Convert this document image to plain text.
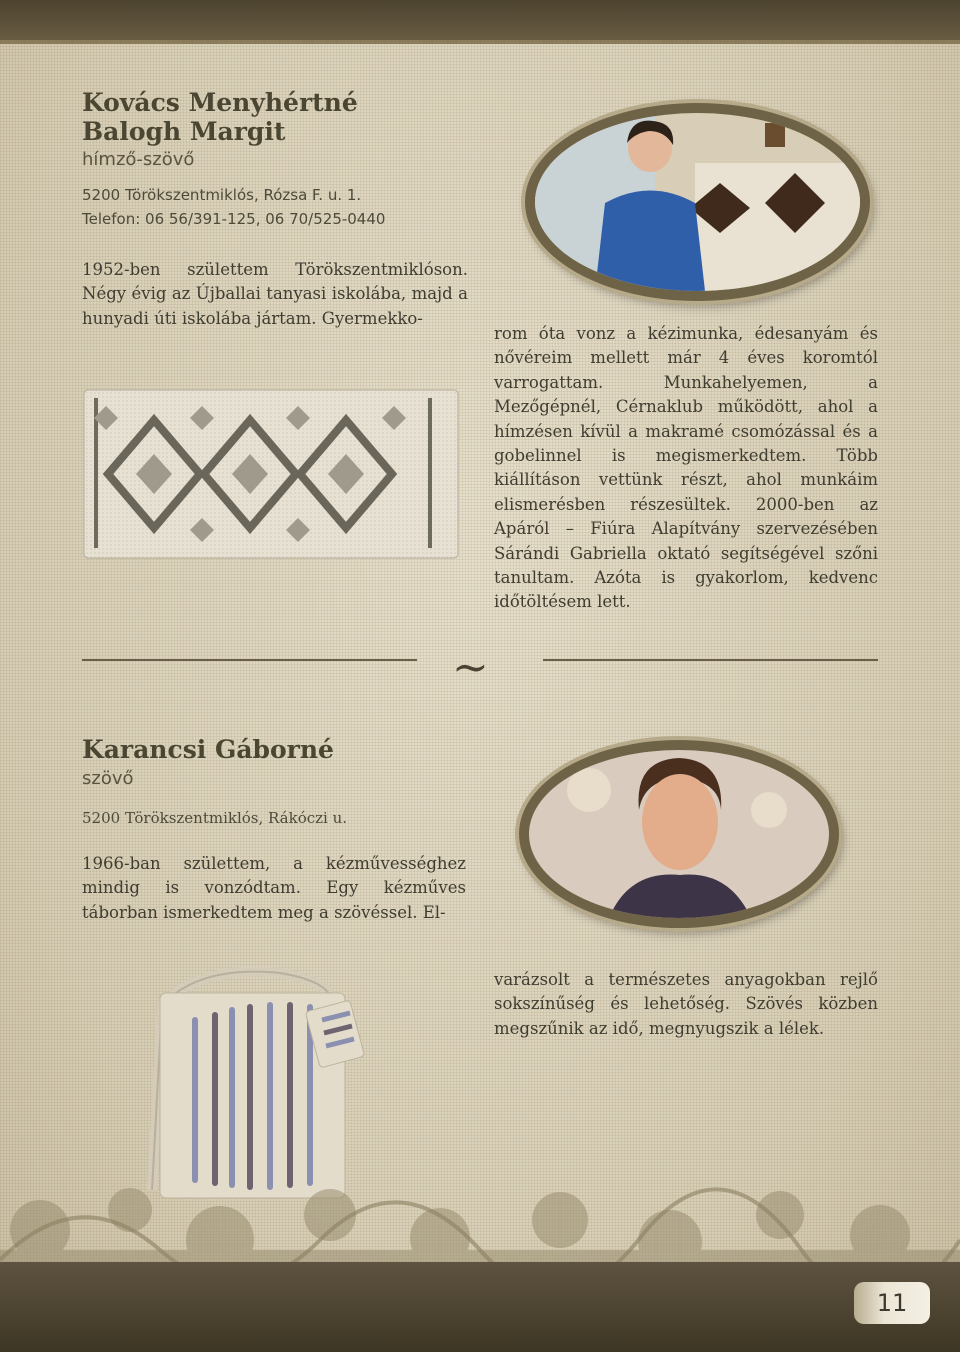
Kovács Menyhértné
Balogh Margit
hímző-szövő
5200 Törökszentmiklós, Rózsa F. u. 1.
Telefon: 06 56/391-125, 06 70/525-0440

1952-ben születtem Törökszentmiklóson. Négy évig az Újballai tanyasi iskolába, majd a hunyadi úti iskolába jártam. Gyermekko-

rom óta vonz a kézimunka, édesanyám és nővéreim mellett már 4 éves koromtól varrogattam. Munkahelyemen, a Mezőgépnél, Cérnaklub működött, ahol a hímzésen kívül a makramé csomózással és a gobelinnel is megismerkedtem. Több kiállításon vettünk részt, ahol munkáim elismerésben részesültek. 2000-ben az Apáról – Fiúra Alapítvány szervezésében Sárándi Gabriella oktató segítségével szőni tanultam. Azóta is gyakorlom, kedvenc időtöltésem lett.

~
Karancsi Gáborné
szövő
5200 Törökszentmiklós, Rákóczi u.

1966-ban születtem, a kézművességhez mindig is vonzódtam. Egy kézműves táborban ismerkedtem meg a szövéssel. El-

varázsolt a természetes anyagokban rejlő sokszínűség és lehetőség. Szövés közben megszűnik az idő, megnyugszik a lélek.

11
